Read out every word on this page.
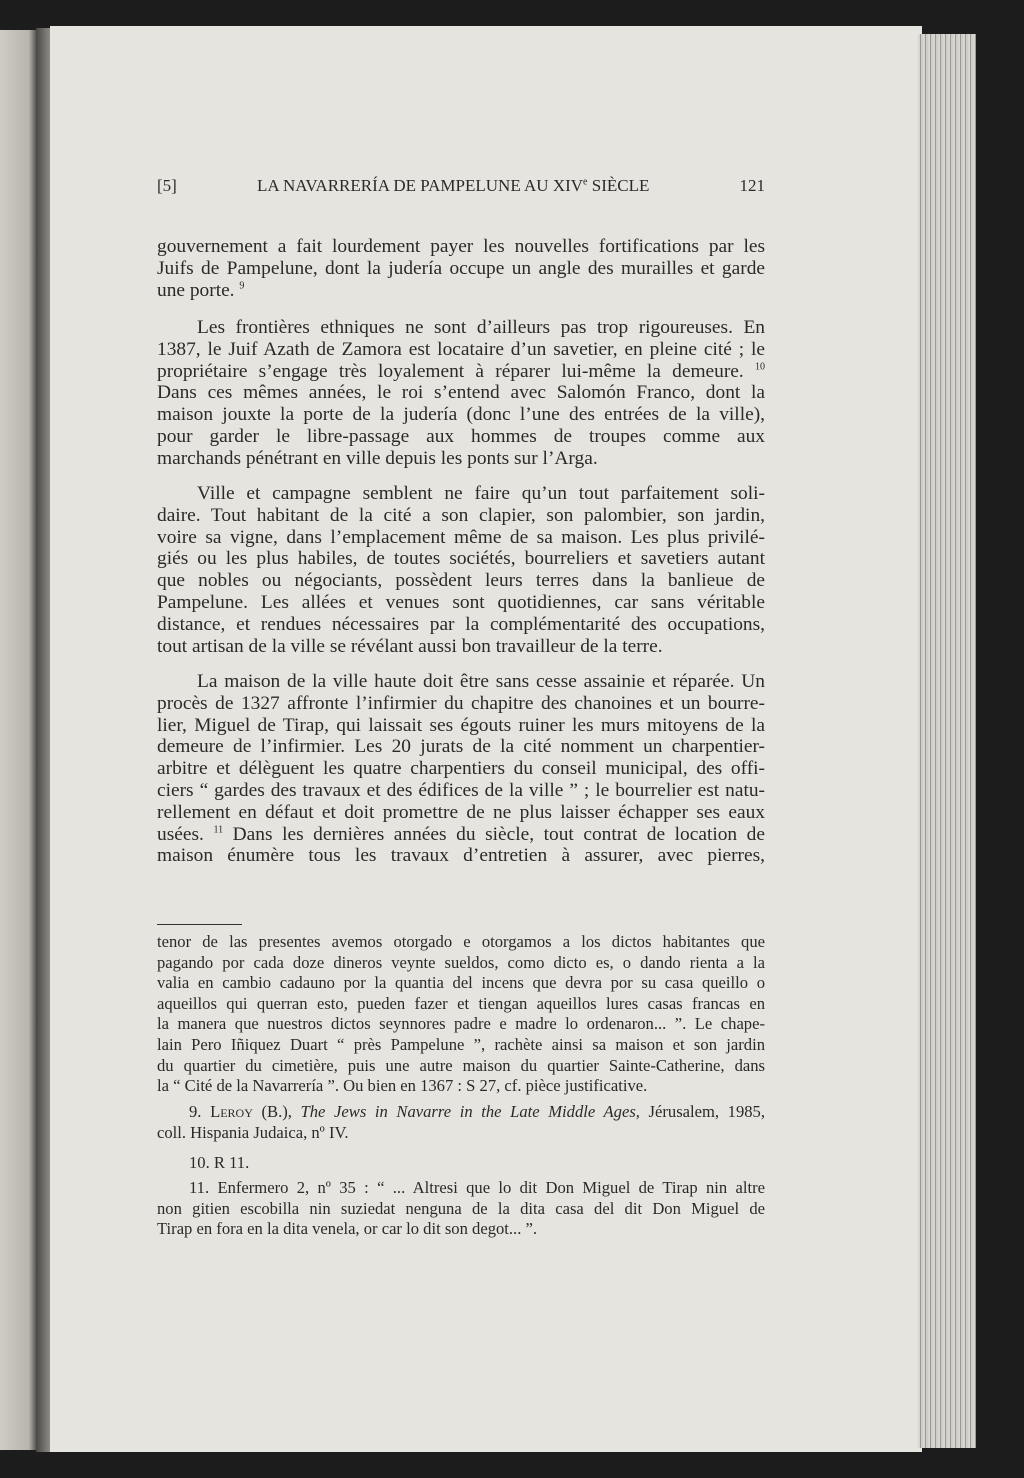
[5]	LA NAVARRERÍA DE PAMPELUNE AU XIVe SIÈCLE	121
gouvernement a fait lourdement payer les nouvelles fortifications par les
Juifs de Pampelune, dont la judería occupe un angle des murailles et garde
une porte. $^9$
Les frontières ethniques ne sont d’ailleurs pas trop rigoureuses. En
1387, le Juif Azath de Zamora est locataire d’un savetier, en pleine cité ; le
propriétaire s’engage très loyalement à réparer lui-même la demeure. $^{10}$
Dans ces mêmes années, le roi s’entend avec Salomón Franco, dont la
maison jouxte la porte de la judería (donc l’une des entrées de la ville),
pour garder le libre-passage aux hommes de troupes comme aux
marchands pénétrant en ville depuis les ponts sur l’Arga.
Ville et campagne semblent ne faire qu’un tout parfaitement soli-
daire. Tout habitant de la cité a son clapier, son palombier, son jardin,
voire sa vigne, dans l’emplacement même de sa maison. Les plus privilé-
giés ou les plus habiles, de toutes sociétés, bourreliers et savetiers autant
que nobles ou négociants, possèdent leurs terres dans la banlieue de
Pampelune. Les allées et venues sont quotidiennes, car sans véritable
distance, et rendues nécessaires par la complémentarité des occupations,
tout artisan de la ville se révélant aussi bon travailleur de la terre.
La maison de la ville haute doit être sans cesse assainie et réparée. Un
procès de 1327 affronte l’infirmier du chapitre des chanoines et un bourre-
lier, Miguel de Tirap, qui laissait ses égouts ruiner les murs mitoyens de la
demeure de l’infirmier. Les 20 jurats de la cité nomment un charpentier-
arbitre et délèguent les quatre charpentiers du conseil municipal, des offi-
ciers “ gardes des travaux et des édifices de la ville ” ; le bourrelier est natu-
rellement en défaut et doit promettre de ne plus laisser échapper ses eaux
usées. $^{11}$ Dans les dernières années du siècle, tout contrat de location de
maison énumère tous les travaux d’entretien à assurer, avec pierres,
tenor de las presentes avemos otorgado e otorgamos a los dictos habitantes que
pagando por cada doze dineros veynte sueldos, como dicto es, o dando rienta a la
valia en cambio cadauno por la quantia del incens que devra por su casa queillo o
aqueillos qui querran esto, pueden fazer et tiengan aqueillos lures casas francas en
la manera que nuestros dictos seynnores padre e madre lo ordenaron... ”. Le chape-
lain Pero Iñiquez Duart “ près Pampelune ”, rachète ainsi sa maison et son jardin
du quartier du cimetière, puis une autre maison du quartier Sainte-Catherine, dans
la “ Cité de la Navarrería ”. Ou bien en 1367 : S 27, cf. pièce justificative.
9. Leroy (B.), The Jews in Navarre in the Late Middle Ages, Jérusalem, 1985,
coll. Hispania Judaica, nº IV.
10. R 11.
11. Enfermero 2, nº 35 : “ ... Altresi que lo dit Don Miguel de Tirap nin altre
non gitien escobilla nin suziedat nenguna de la dita casa del dit Don Miguel de
Tirap en fora en la dita venela, or car lo dit son degot... ”.
